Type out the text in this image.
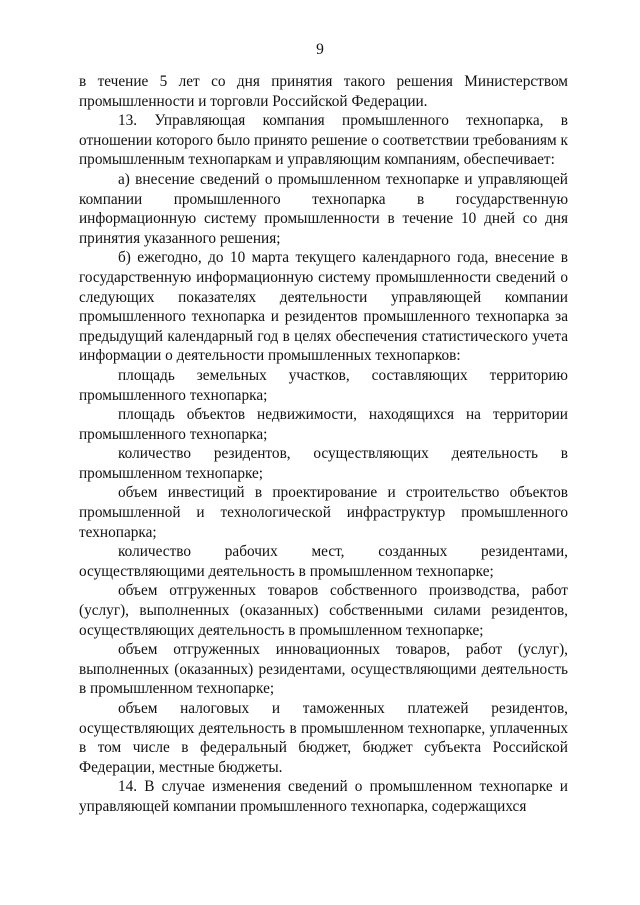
9

в течение 5 лет со дня принятия такого решения Министерством промышленности и торговли Российской Федерации.

13. Управляющая компания промышленного технопарка, в отношении которого было принято решение о соответствии требованиям к промышленным технопаркам и управляющим компаниям, обеспечивает:

а) внесение сведений о промышленном технопарке и управляющей компании промышленного технопарка в государственную информационную систему промышленности в течение 10 дней со дня принятия указанного решения;

б) ежегодно, до 10 марта текущего календарного года, внесение в государственную информационную систему промышленности сведений о следующих показателях деятельности управляющей компании промышленного технопарка и резидентов промышленного технопарка за предыдущий календарный год в целях обеспечения статистического учета информации о деятельности промышленных технопарков:

площадь земельных участков, составляющих территорию промышленного технопарка;

площадь объектов недвижимости, находящихся на территории промышленного технопарка;

количество резидентов, осуществляющих деятельность в промышленном технопарке;

объем инвестиций в проектирование и строительство объектов промышленной и технологической инфраструктур промышленного технопарка;

количество рабочих мест, созданных резидентами, осуществляющими деятельность в промышленном технопарке;

объем отгруженных товаров собственного производства, работ (услуг), выполненных (оказанных) собственными силами резидентов, осуществляющих деятельность в промышленном технопарке;

объем отгруженных инновационных товаров, работ (услуг), выполненных (оказанных) резидентами, осуществляющими деятельность в промышленном технопарке;

объем налоговых и таможенных платежей резидентов, осуществляющих деятельность в промышленном технопарке, уплаченных в том числе в федеральный бюджет, бюджет субъекта Российской Федерации, местные бюджеты.

14. В случае изменения сведений о промышленном технопарке и управляющей компании промышленного технопарка, содержащихся
